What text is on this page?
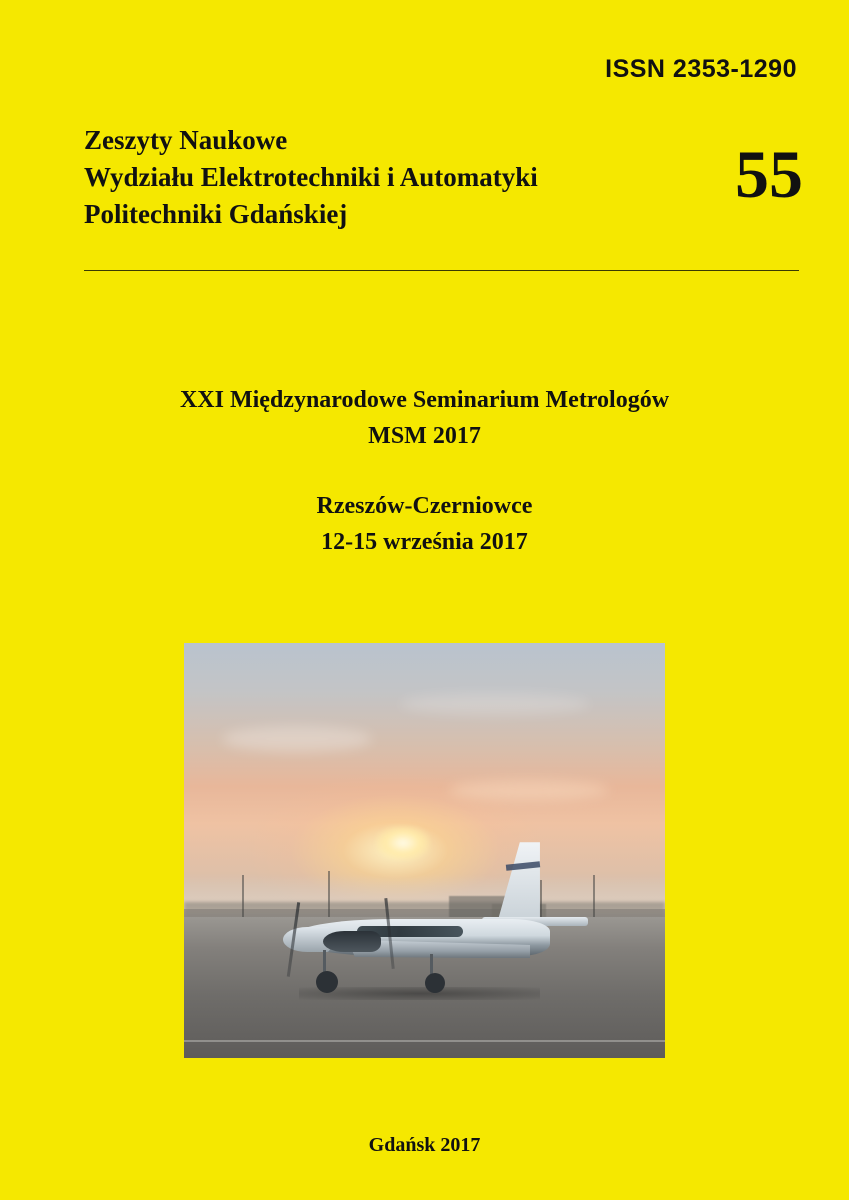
ISSN 2353-1290
Zeszyty Naukowe
Wydziału Elektrotechniki i Automatyki
Politechniki Gdańskiej
55
XXI Międzynarodowe Seminarium Metrologów
MSM 2017
Rzeszów-Czerniowce
12-15 września 2017
Gdańsk 2017
